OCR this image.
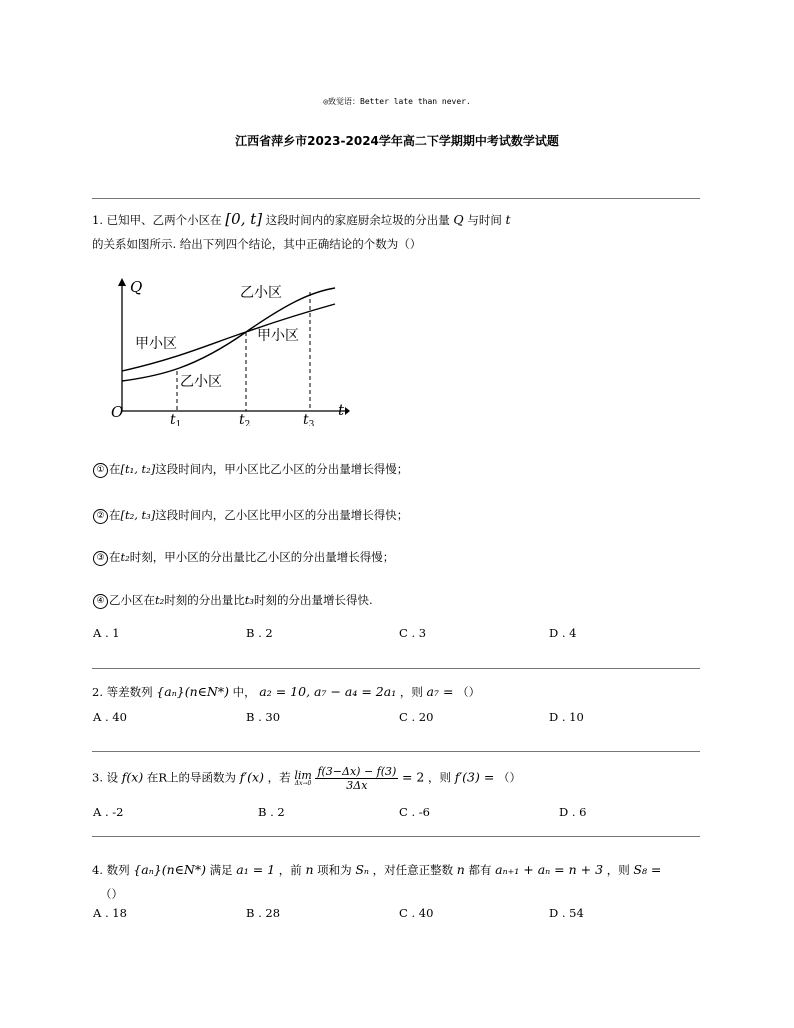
◎致觉语：Better late than never.
江西省萍乡市2023-2024学年高二下学期期中考试数学试题
1. 已知甲、乙两个小区在 [0, t] 这段时间内的家庭厨余垃圾的分出量 Q 与时间 t
的关系如图所示. 给出下列四个结论，其中正确结论的个数为（）
Q
t
O
乙小区
甲小区	甲小区
乙小区
$t_1$	$t_2$	$t_3$
① 在[t₁, t₂]这段时间内，甲小区比乙小区的分出量增长得慢；
② 在[t₂, t₃]这段时间内，乙小区比甲小区的分出量增长得快；
③ 在t₂时刻，甲小区的分出量比乙小区的分出量增长得慢；
④ 乙小区在t₂时刻的分出量比t₃时刻的分出量增长得快.
A . 1	B . 2	C . 3	D . 4
2. 等差数列 {aₙ}(n∈N*) 中， a₂ = 10, a₇ − a₄ = 2a₁ ，则 a₇ = （）
A . 40	B . 30	C . 20	D . 10
3. 设 f(x) 在R上的导函数为 f′(x) ，若 lim
Δx→0
$\frac{f(3-\Delta x) - f(3)}{3\Delta x} = 2$ ，则 f′(3) = （）
A . -2	B . 2	C . -6	D . 6
4. 数列 {aₙ}(n∈N*) 满足 a₁ = 1 ，前 n 项和为 Sₙ ，对任意正整数 n 都有 aₙ₊₁ + aₙ = n + 3 ，则 S₈ =
（）
A . 18	B . 28	C . 40	D . 54
